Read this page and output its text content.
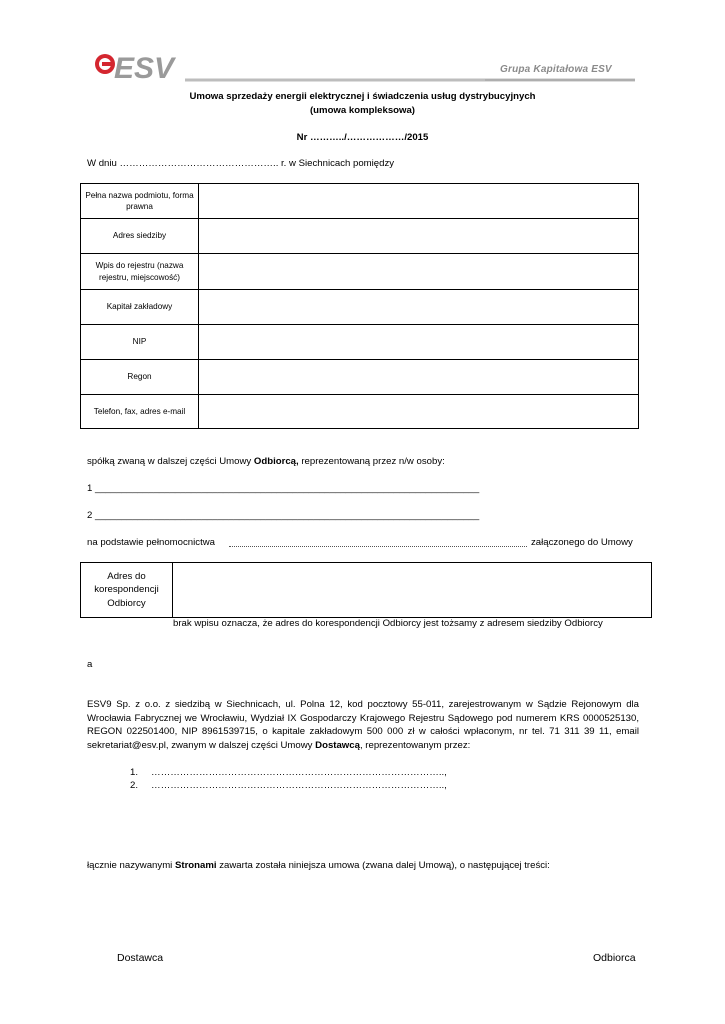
ESV	Grupa Kapitałowa ESV
Umowa sprzedaży energii elektrycznej i świadczenia usług dystrybucyjnych
(umowa kompleksowa)
Nr ………../………………/2015
W dniu ………………………………………….. r. w Siechnicach pomiędzy
Pełna nazwa podmiotu, forma prawna	
Adres siedziby	
Wpis do rejestru (nazwa rejestru, miejscowość)	
Kapitał zakładowy	
NIP	
Regon	
Telefon, fax, adres e-mail	
spółką zwaną w dalszej części Umowy Odbiorcą, reprezentowaną przez n/w osoby:
1 ________________________________________________________________________
2 ________________________________________________________________________
na podstawie pełnomocnictwa	załączonego do Umowy
Adres do korespondencji Odbiorcy	
brak wpisu oznacza, że adres do korespondencji Odbiorcy jest tożsamy z adresem siedziby Odbiorcy
a
ESV9 Sp. z o.o. z siedzibą w Siechnicach, ul. Polna 12, kod pocztowy 55-011, zarejestrowanym w Sądzie Rejonowym dla Wrocławia Fabrycznej we Wrocławiu, Wydział IX Gospodarczy Krajowego Rejestru Sądowego pod numerem KRS 0000525130, REGON 022501400, NIP 8961539715, o kapitale zakładowym 500 000 zł w całości wpłaconym, nr tel. 71 311 39 11, email sekretariat@esv.pl, zwanym w dalszej części Umowy Dostawcą, reprezentowanym przez:
1. ………………………………………………………………………………..,
2. ………………………………………………………………………………..,
łącznie nazywanymi Stronami zawarta została niniejsza umowa (zwana dalej Umową), o następującej treści:
Dostawca	Odbiorca
